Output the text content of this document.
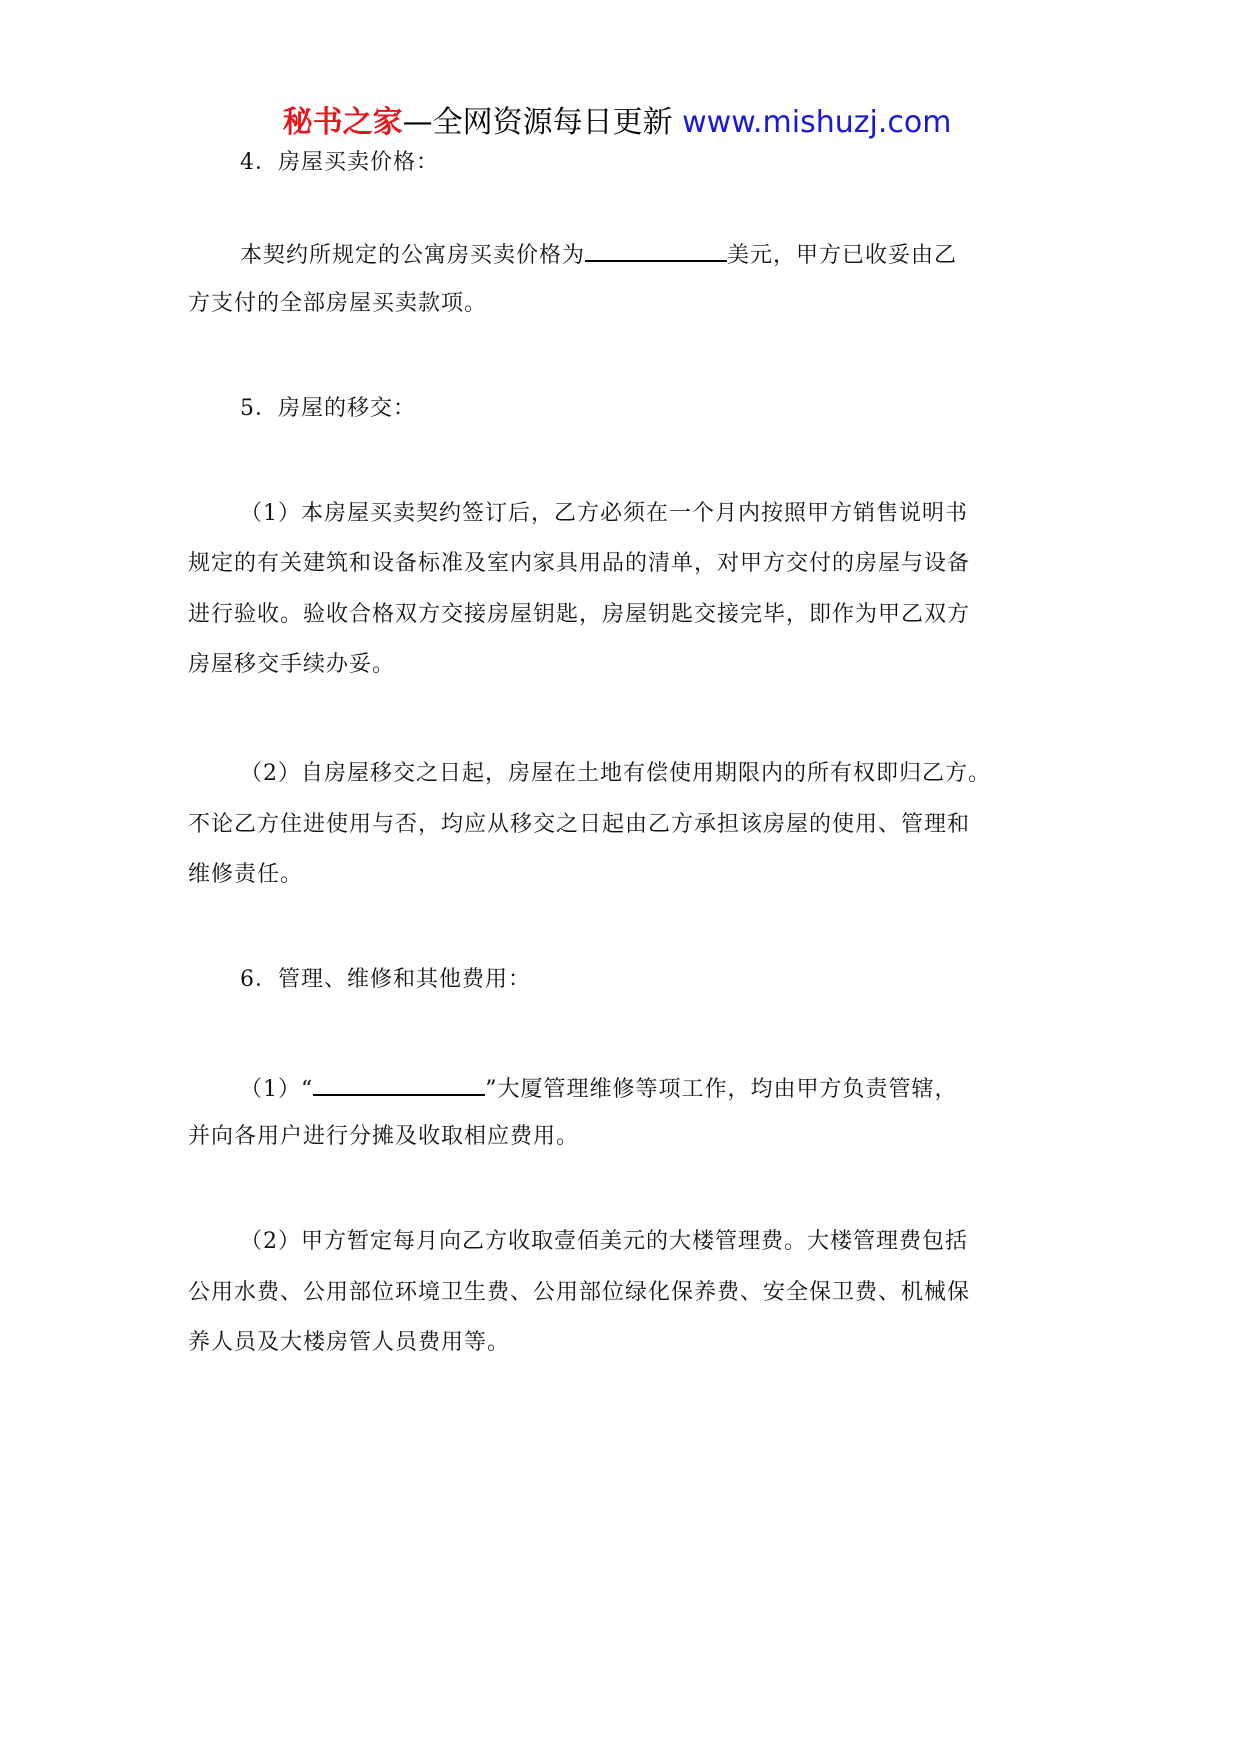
秘书之家—全网资源每日更新 www.mishuzj.com
4．房屋买卖价格：
本契约所规定的公寓房买卖价格为	美元，甲方已收妥由乙
方支付的全部房屋买卖款项。
5．房屋的移交：
（1）本房屋买卖契约签订后，乙方必须在一个月内按照甲方销售说明书
规定的有关建筑和设备标准及室内家具用品的清单，对甲方交付的房屋与设备
进行验收。验收合格双方交接房屋钥匙，房屋钥匙交接完毕，即作为甲乙双方
房屋移交手续办妥。
（2）自房屋移交之日起，房屋在土地有偿使用期限内的所有权即归乙方。
不论乙方住进使用与否，均应从移交之日起由乙方承担该房屋的使用、管理和
维修责任。
6．管理、维修和其他费用：
（1）“	”大厦管理维修等项工作，均由甲方负责管辖，
并向各用户进行分摊及收取相应费用。
（2）甲方暂定每月向乙方收取壹佰美元的大楼管理费。大楼管理费包括
公用水费、公用部位环境卫生费、公用部位绿化保养费、安全保卫费、机械保
养人员及大楼房管人员费用等。
